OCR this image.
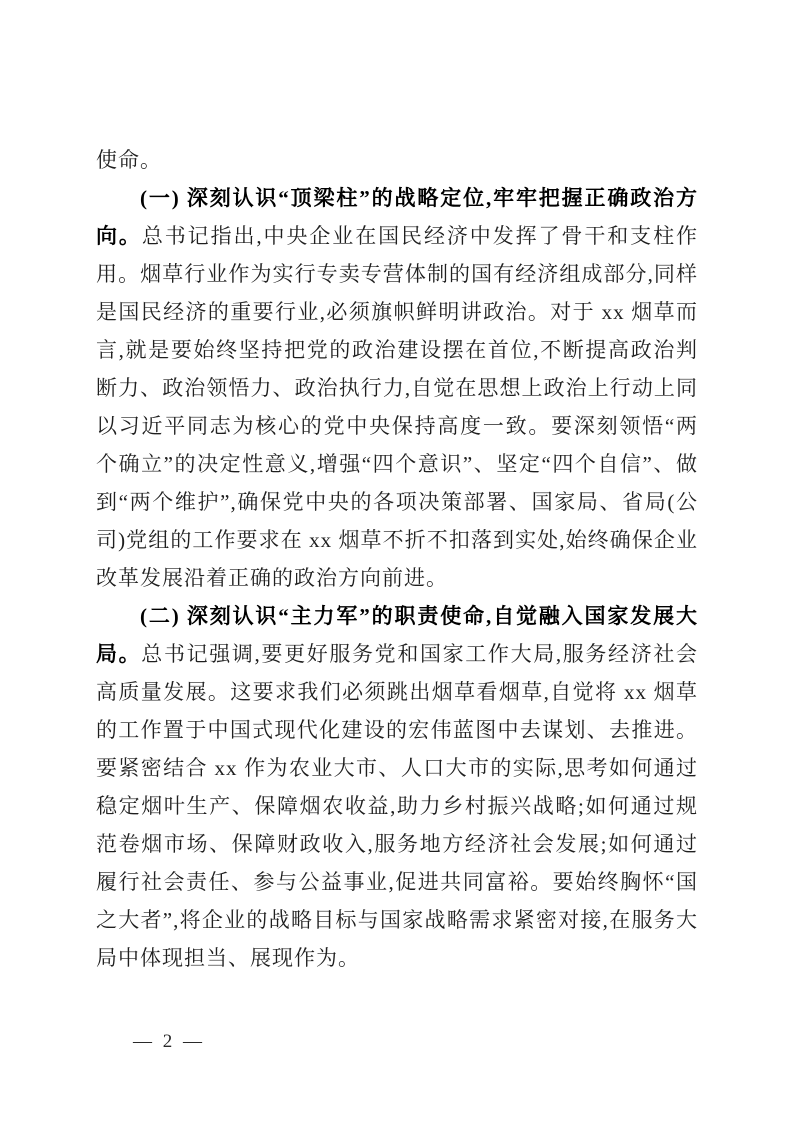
使命。

(一) 深刻认识“顶梁柱”的战略定位,牢牢把握正确政治方向。总书记指出,中央企业在国民经济中发挥了骨干和支柱作用。烟草行业作为实行专卖专营体制的国有经济组成部分,同样是国民经济的重要行业,必须旗帜鲜明讲政治。对于 xx 烟草而言,就是要始终坚持把党的政治建设摆在首位,不断提高政治判断力、政治领悟力、政治执行力,自觉在思想上政治上行动上同以习近平同志为核心的党中央保持高度一致。要深刻领悟“两个确立”的决定性意义,增强“四个意识”、坚定“四个自信”、做到“两个维护”,确保党中央的各项决策部署、国家局、省局(公司)党组的工作要求在 xx 烟草不折不扣落到实处,始终确保企业改革发展沿着正确的政治方向前进。

(二) 深刻认识“主力军”的职责使命,自觉融入国家发展大局。总书记强调,要更好服务党和国家工作大局,服务经济社会高质量发展。这要求我们必须跳出烟草看烟草,自觉将 xx 烟草的工作置于中国式现代化建设的宏伟蓝图中去谋划、去推进。要紧密结合 xx 作为农业大市、人口大市的实际,思考如何通过稳定烟叶生产、保障烟农收益,助力乡村振兴战略;如何通过规范卷烟市场、保障财政收入,服务地方经济社会发展;如何通过履行社会责任、参与公益事业,促进共同富裕。要始终胸怀“国之大者”,将企业的战略目标与国家战略需求紧密对接,在服务大局中体现担当、展现作为。

— 2 —
